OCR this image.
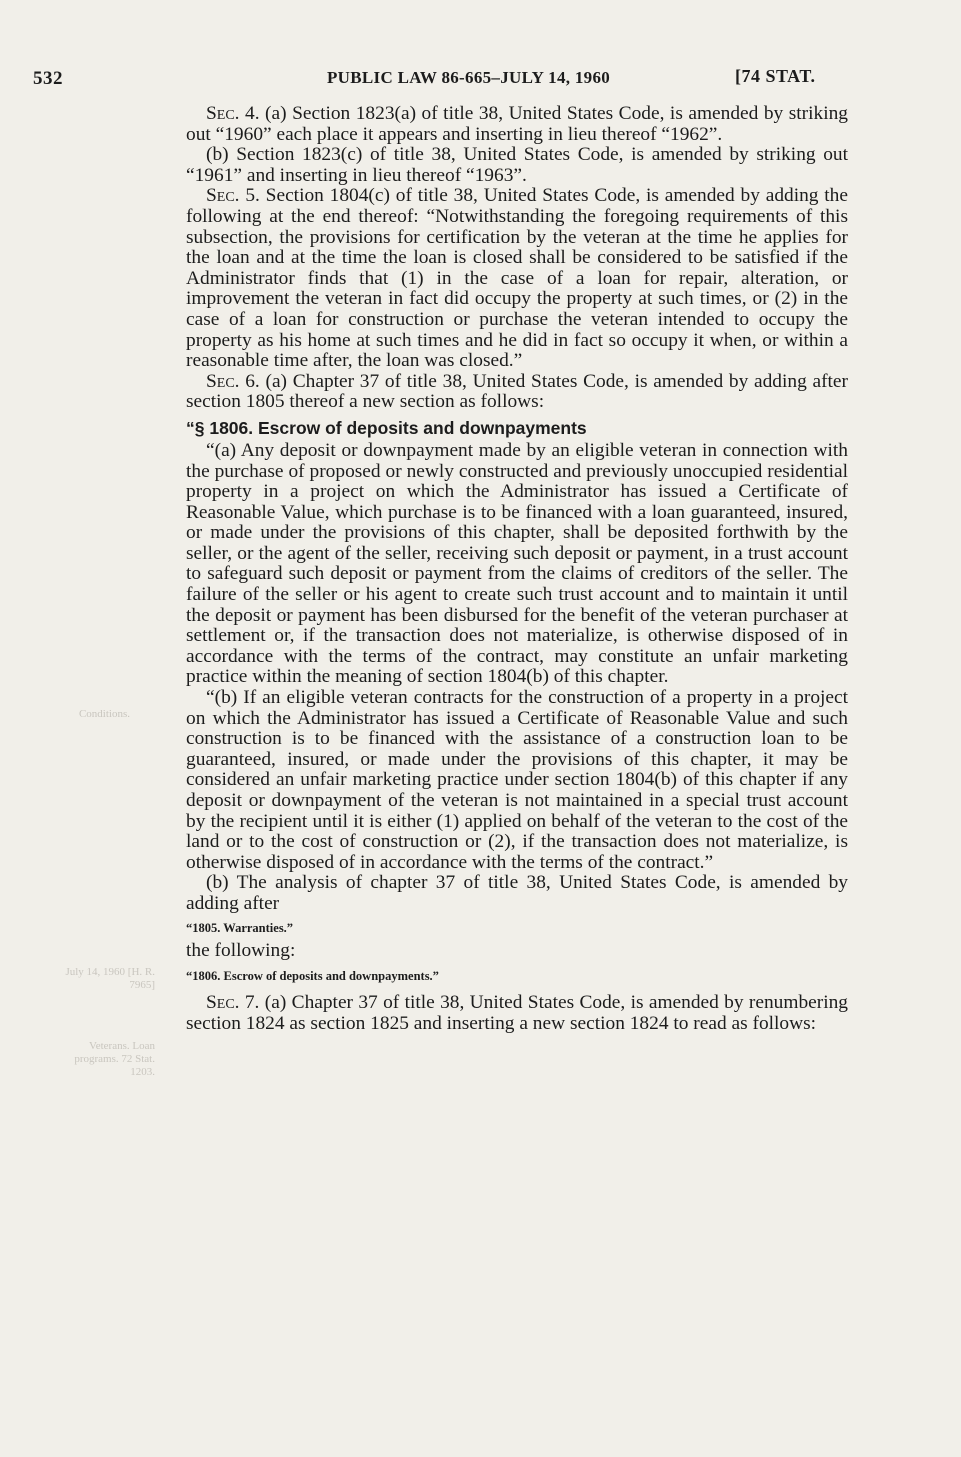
532	PUBLIC LAW 86-665–JULY 14, 1960	[74 STAT.
Conditions.
July 14, 1960 [H. R. 7965]
Veterans. Loan programs. 72 Stat. 1203.

Sec. 4. (a) Section 1823(a) of title 38, United States Code, is amended by striking out “1960” each place it appears and inserting in lieu thereof “1962”.

(b) Section 1823(c) of title 38, United States Code, is amended by striking out “1961” and inserting in lieu thereof “1963”.

Sec. 5. Section 1804(c) of title 38, United States Code, is amended by adding the following at the end thereof: “Notwithstanding the foregoing requirements of this subsection, the provisions for certification by the veteran at the time he applies for the loan and at the time the loan is closed shall be considered to be satisfied if the Administrator finds that (1) in the case of a loan for repair, alteration, or improvement the veteran in fact did occupy the property at such times, or (2) in the case of a loan for construction or purchase the veteran intended to occupy the property as his home at such times and he did in fact so occupy it when, or within a reasonable time after, the loan was closed.”

Sec. 6. (a) Chapter 37 of title 38, United States Code, is amended by adding after section 1805 thereof a new section as follows:

“§ 1806. Escrow of deposits and downpayments

“(a) Any deposit or downpayment made by an eligible veteran in connection with the purchase of proposed or newly constructed and previously unoccupied residential property in a project on which the Administrator has issued a Certificate of Reasonable Value, which purchase is to be financed with a loan guaranteed, insured, or made under the provisions of this chapter, shall be deposited forthwith by the seller, or the agent of the seller, receiving such deposit or payment, in a trust account to safeguard such deposit or payment from the claims of creditors of the seller. The failure of the seller or his agent to create such trust account and to maintain it until the deposit or payment has been disbursed for the benefit of the veteran purchaser at settlement or, if the transaction does not materialize, is otherwise disposed of in accordance with the terms of the contract, may constitute an unfair marketing practice within the meaning of section 1804(b) of this chapter.

“(b) If an eligible veteran contracts for the construction of a property in a project on which the Administrator has issued a Certificate of Reasonable Value and such construction is to be financed with the assistance of a construction loan to be guaranteed, insured, or made under the provisions of this chapter, it may be considered an unfair marketing practice under section 1804(b) of this chapter if any deposit or downpayment of the veteran is not maintained in a special trust account by the recipient until it is either (1) applied on behalf of the veteran to the cost of the land or to the cost of construction or (2), if the transaction does not materialize, is otherwise disposed of in accordance with the terms of the contract.”

(b) The analysis of chapter 37 of title 38, United States Code, is amended by adding after

“1805. Warranties.”

the following:

“1806. Escrow of deposits and downpayments.”

Sec. 7. (a) Chapter 37 of title 38, United States Code, is amended by renumbering section 1824 as section 1825 and inserting a new section 1824 to read as follows:
